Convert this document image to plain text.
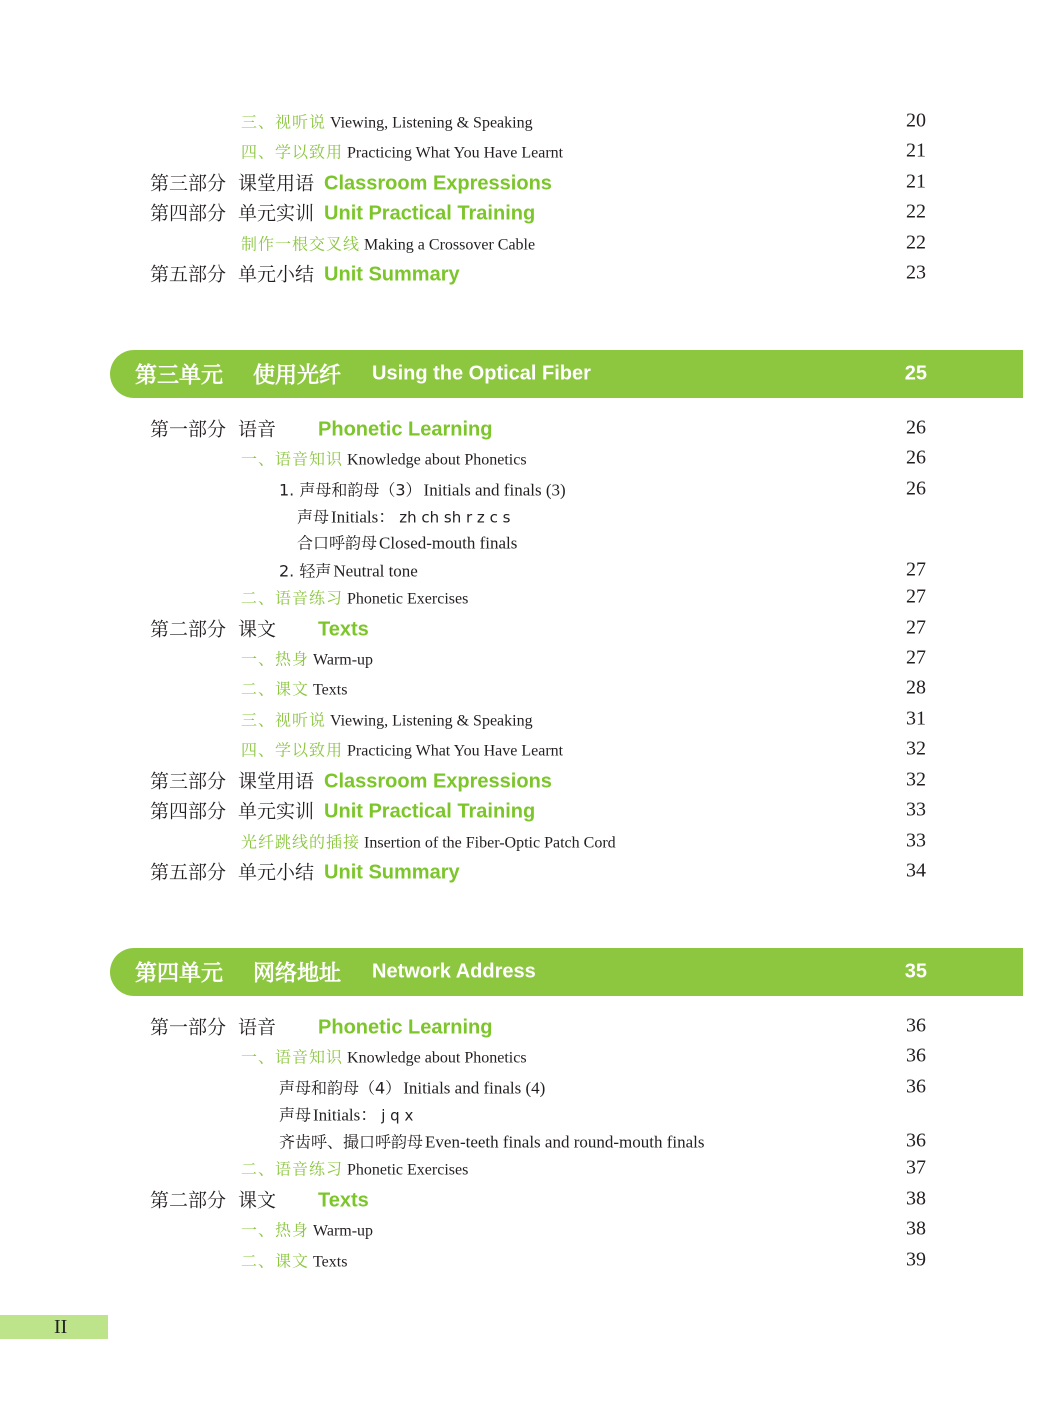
三、视听说 Viewing, Listening & Speaking	20
四、学以致用 Practicing What You Have Learnt	21
第三部分 课堂用语 Classroom Expressions	21
第四部分 单元实训 Unit Practical Training	22
制作一根交叉线 Making a Crossover Cable	22
第五部分 单元小结 Unit Summary	23
第三单元 使用光纤 Using the Optical Fiber	25
第一部分 语音 Phonetic Learning	26
一、语音知识 Knowledge about Phonetics	26
1. 声母和韵母（3） Initials and finals (3)	26
声母 Initials： zh ch sh r z c s
合口呼韵母 Closed-mouth finals
2. 轻声 Neutral tone	27
二、语音练习 Phonetic Exercises	27
第二部分 课文 Texts	27
一、热身 Warm-up	27
二、课文 Texts	28
三、视听说 Viewing, Listening & Speaking	31
四、学以致用 Practicing What You Have Learnt	32
第三部分 课堂用语 Classroom Expressions	32
第四部分 单元实训 Unit Practical Training	33
光纤跳线的插接 Insertion of the Fiber-Optic Patch Cord	33
第五部分 单元小结 Unit Summary	34
第四单元 网络地址 Network Address	35
第一部分 语音 Phonetic Learning	36
一、语音知识 Knowledge about Phonetics	36
声母和韵母（4） Initials and finals (4)	36
声母 Initials： j q x
齐齿呼、撮口呼韵母 Even-teeth finals and round-mouth finals	36
二、语音练习 Phonetic Exercises	37
第二部分 课文 Texts	38
一、热身 Warm-up	38
二、课文 Texts	39
II
